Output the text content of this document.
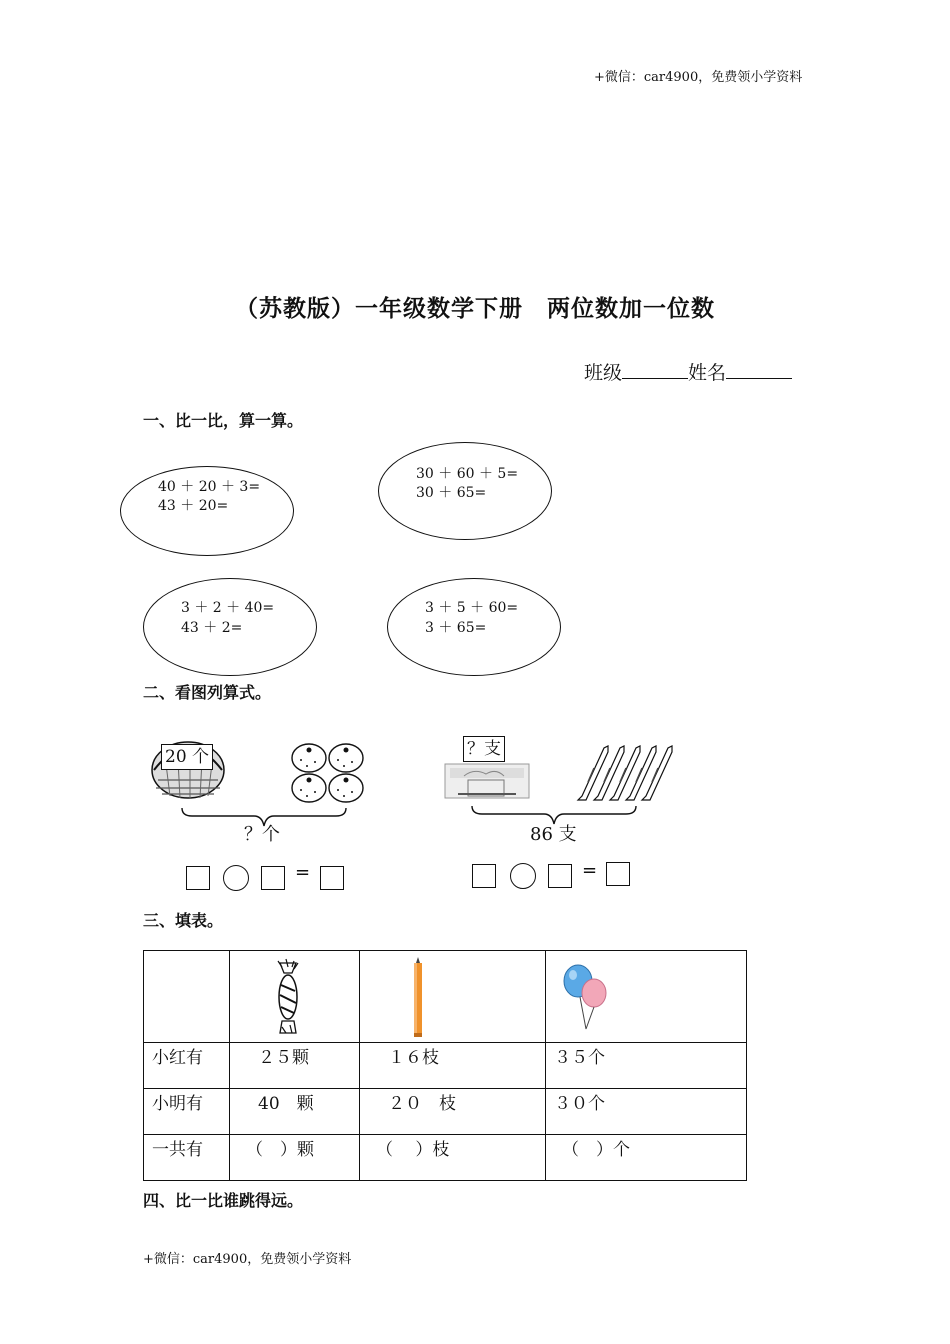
+微信：car4900，免费领小学资料
+微信：car4900，免费领小学资料
（苏教版）一年级数学下册　两位数加一位数
班级	姓名
一、比一比，算一算。
40 ＋ 20 ＋ 3=
43 ＋ 20=
30 ＋ 60 ＋ 5=
30 ＋ 65=
3 ＋ 2 ＋ 40=
43 ＋ 2=
3 ＋ 5 ＋ 60=
3 ＋ 65=
二、看图列算式。
20 个
？个
？支
86 支
=	=
三、填表。

小红有	２５颗	１６枝	３５个
小明有	40　颗	２０　枝	３０个
一共有	（　）颗	（　 ）枝	（　）个
四、比一比谁跳得远。
